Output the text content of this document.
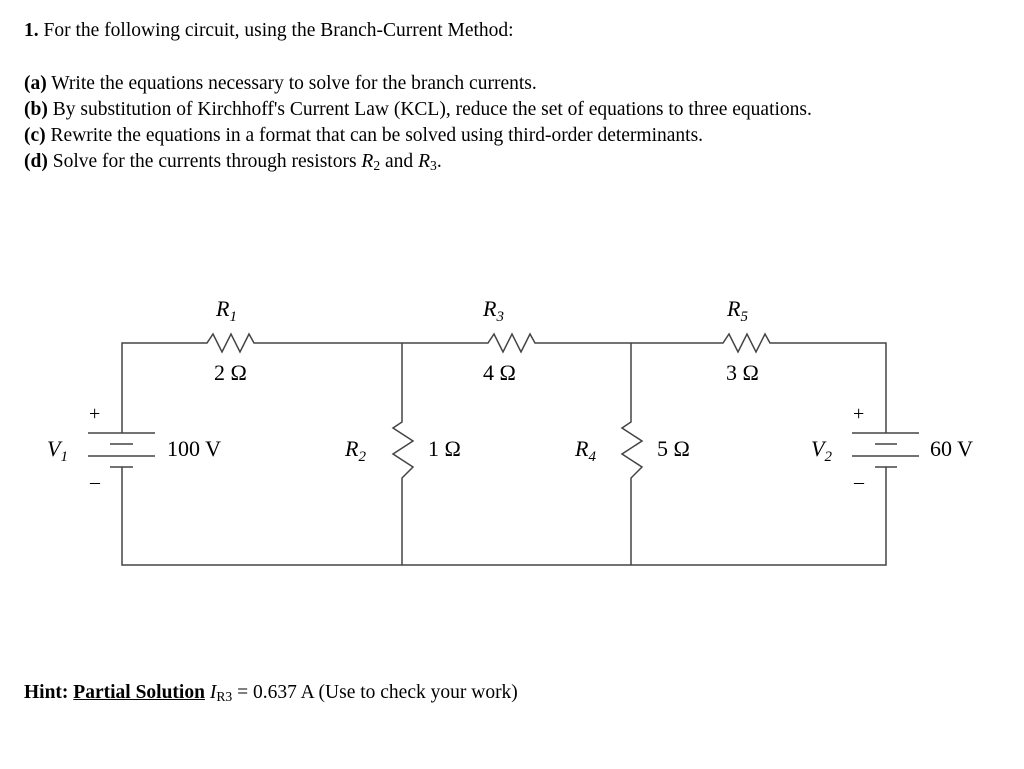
1. For the following circuit, using the Branch-Current Method:
(a) Write the equations necessary to solve for the branch currents.
(b) By substitution of Kirchhoff's Current Law (KCL), reduce the set of equations to three equations.
(c) Rewrite the equations in a format that can be solved using third-order determinants.
(d) Solve for the currents through resistors $R_2$ and $R_3$.
$R_1$
2 Ω
$R_3$
4 Ω
$R_5$
3 Ω
$R_2$	1 Ω	$R_4$	5 Ω
$V_1$	100 V
+
–
$V_2$	60 V
+
–
Hint: Partial Solution $I_{R3} = 0.637$ A (Use to check your work)
